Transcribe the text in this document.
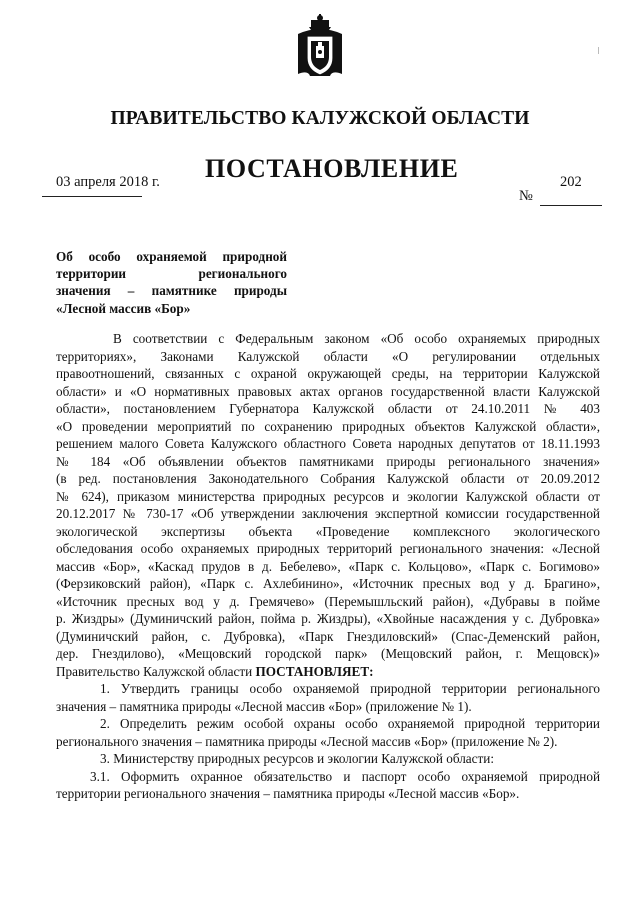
ПРАВИТЕЛЬСТВО КАЛУЖСКОЙ ОБЛАСТИ
ПОСТАНОВЛЕНИЕ
03 апреля 2018 г.	202
№
Об особо охраняемой природной
территории регионального
значения – памятнике природы
«Лесной массив «Бор»
В соответствии с Федеральным законом «Об особо охраняемых природных
территориях», Законами Калужской области «О регулировании отдельных
правоотношений, связанных с охраной окружающей среды, на территории Калужской
области» и «О нормативных правовых актах органов государственной власти Калужской
области», постановлением Губернатора Калужской области от 24.10.2011 № 403
«О проведении мероприятий по сохранению природных объектов Калужской области»,
решением малого Совета Калужского областного Совета народных депутатов от 18.11.1993
№ 184 «Об объявлении объектов памятниками природы регионального значения»
(в ред. постановления Законодательного Собрания Калужской области от 20.09.2012
№ 624), приказом министерства природных ресурсов и экологии Калужской области от
20.12.2017 № 730-17 «Об утверждении заключения экспертной комиссии государственной
экологической экспертизы объекта «Проведение комплексного экологического
обследования особо охраняемых природных территорий регионального значения: «Лесной
массив «Бор», «Каскад прудов в д. Бебелево», «Парк с. Кольцово», «Парк с. Богимово»
(Ферзиковский район), «Парк с. Ахлебинино», «Источник пресных вод у д. Брагино»,
«Источник пресных вод у д. Гремячево» (Перемышльский район), «Дубравы в пойме
р. Жиздры» (Думиничский район, пойма р. Жиздры), «Хвойные насаждения у с. Дубровка»
(Думиничский район, с. Дубровка), «Парк Гнездиловский» (Спас-Деменский район,
дер. Гнездилово), «Мещовский городской парк» (Мещовский район, г. Мещовск)»
Правительство Калужской области ПОСТАНОВЛЯЕТ:
1. Утвердить границы особо охраняемой природной территории регионального
значения – памятника природы «Лесной массив «Бор» (приложение № 1).
2. Определить режим особой охраны особо охраняемой природной территории
регионального значения – памятника природы «Лесной массив «Бор» (приложение № 2).
3. Министерству природных ресурсов и экологии Калужской области:
3.1. Оформить охранное обязательство и паспорт особо охраняемой природной
территории регионального значения – памятника природы «Лесной массив «Бор».
